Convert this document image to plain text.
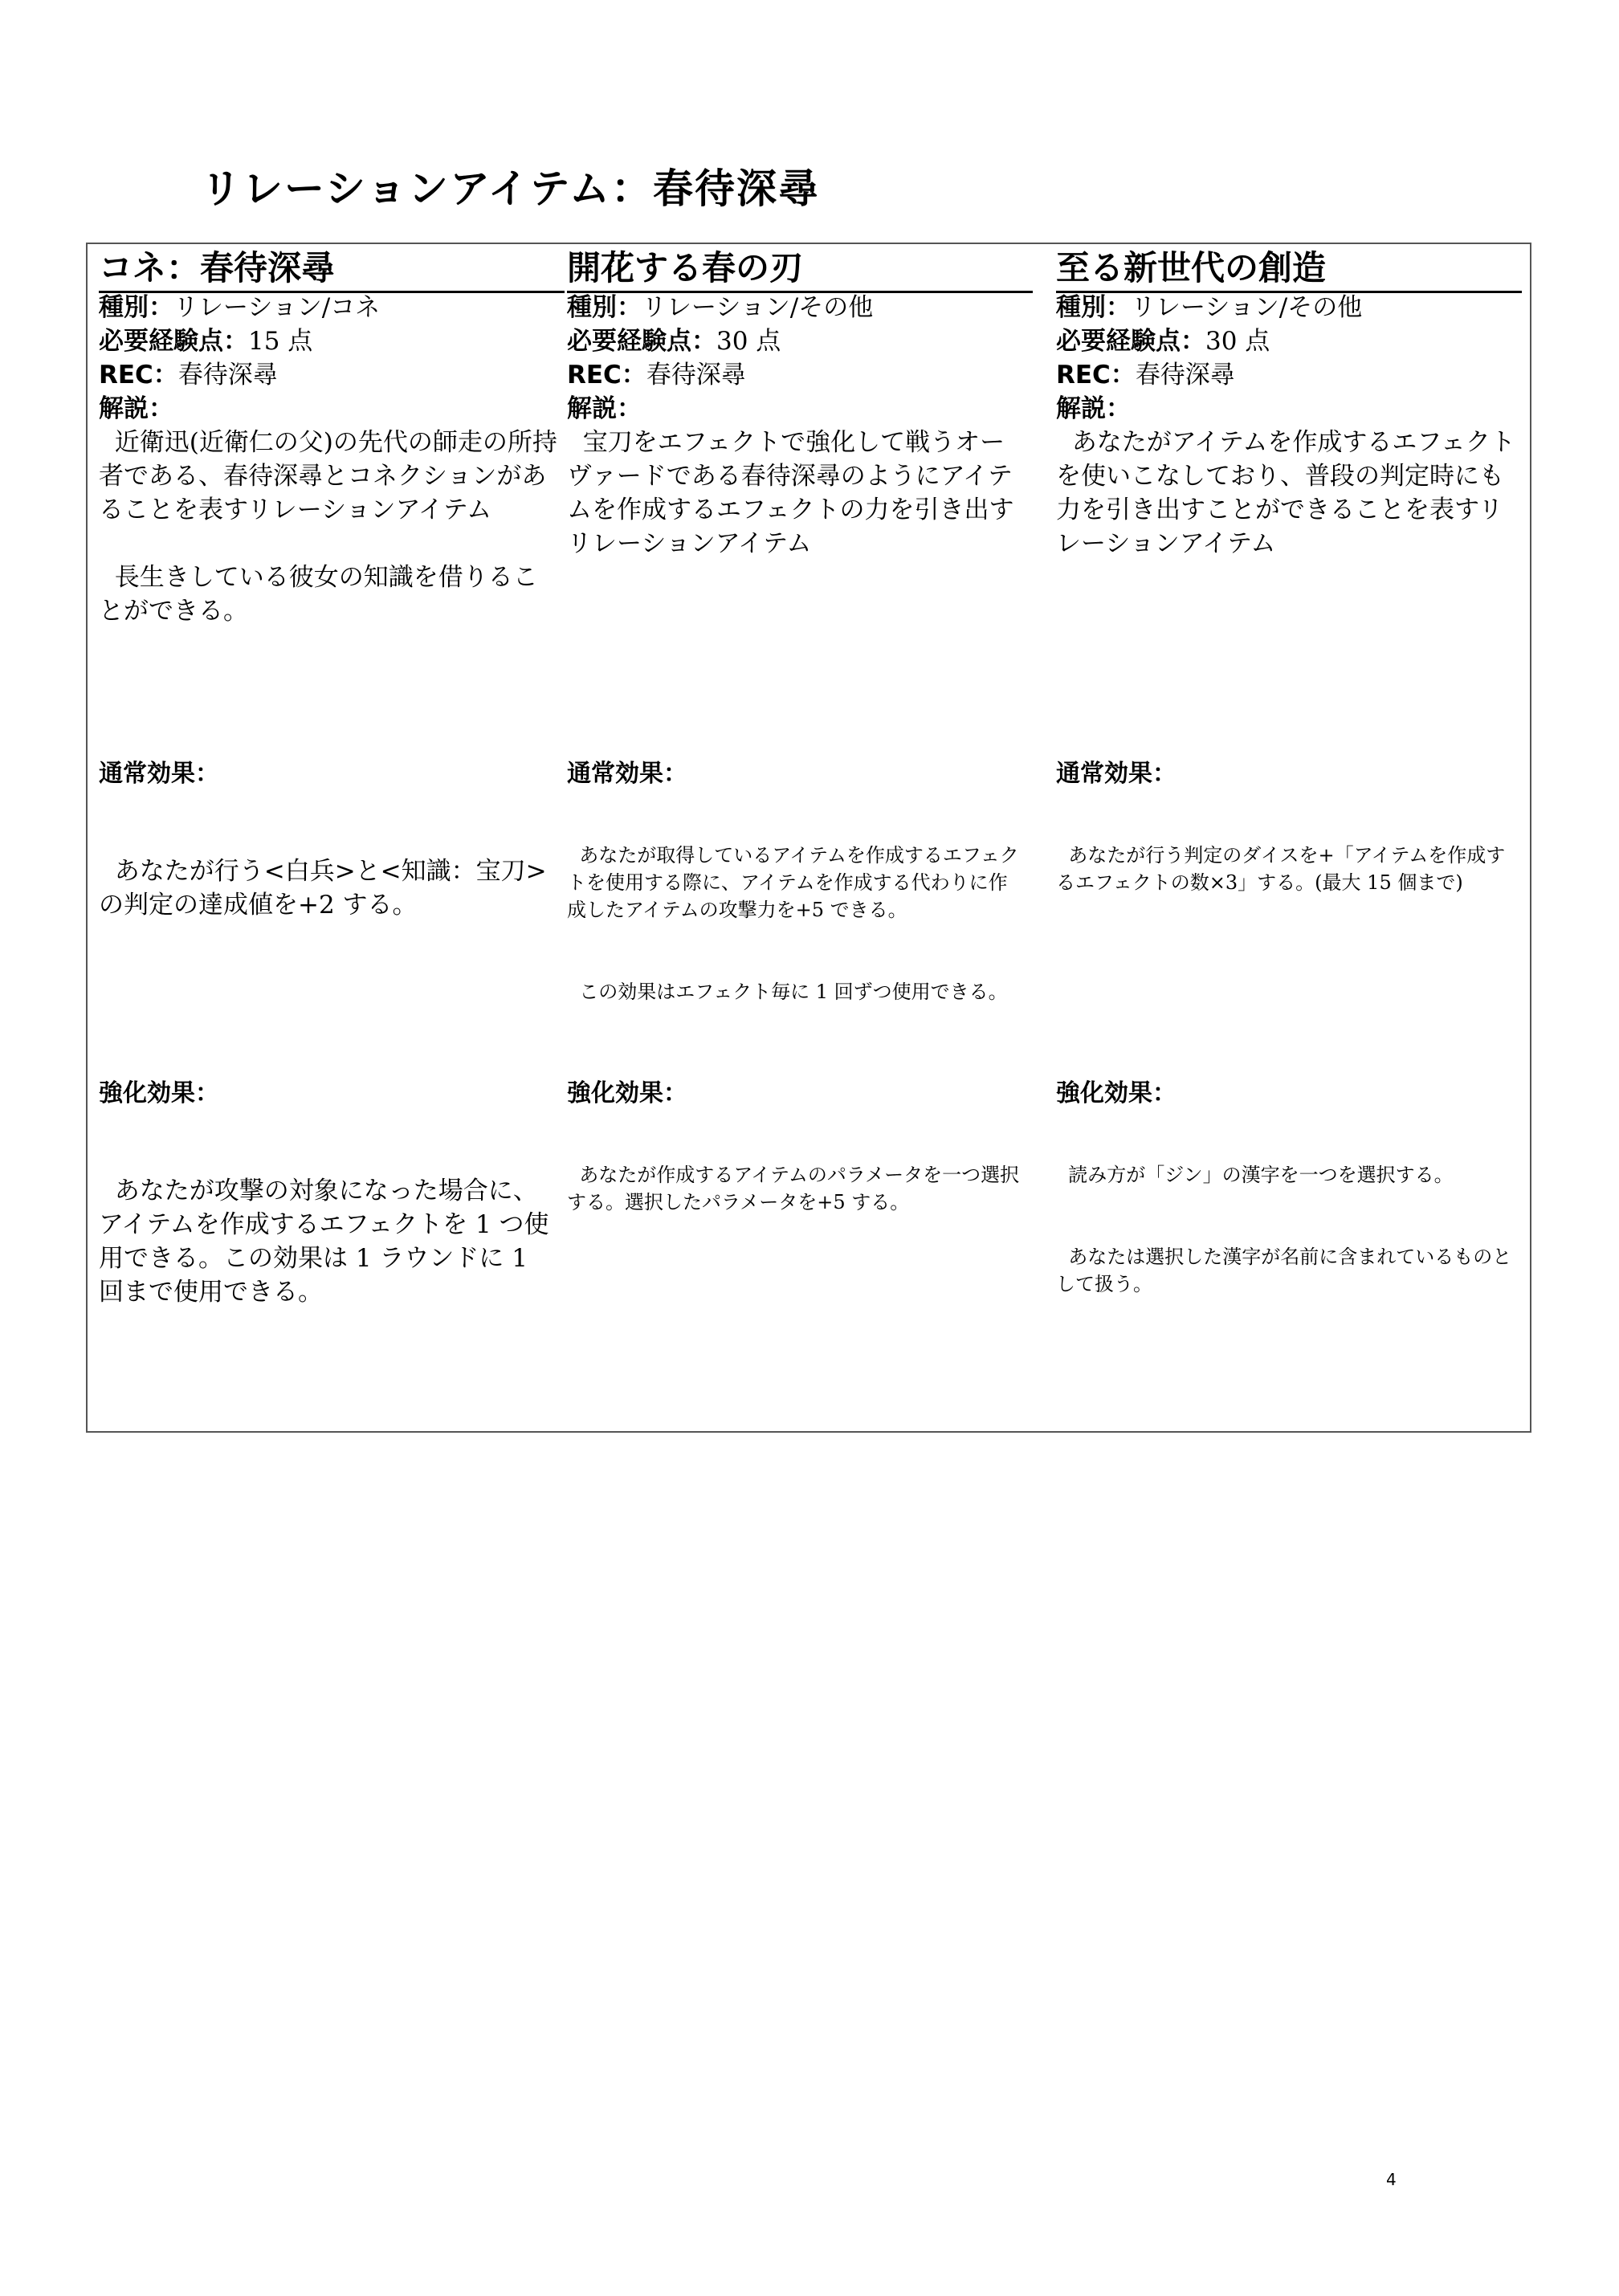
リレーションアイテム：春待深尋
コネ：春待深尋
種別：リレーション/コネ
必要経験点：15 点
REC：春待深尋
解説：

近衛迅(近衛仁の父)の先代の師走の所持者である、春待深尋とコネクションがあることを表すリレーションアイテム

長生きしている彼女の知識を借りることができる。

通常効果：

あなたが行う<白兵>と<知識：宝刀>の判定の達成値を+2 する。

強化効果：

あなたが攻撃の対象になった場合に、アイテムを作成するエフェクトを 1 つ使用できる。この効果は 1 ラウンドに 1 回まで使用できる。

開花する春の刃
種別：リレーション/その他
必要経験点：30 点
REC：春待深尋
解説：

宝刀をエフェクトで強化して戦うオーヴァードである春待深尋のようにアイテムを作成するエフェクトの力を引き出すリレーションアイテム

通常効果：

あなたが取得しているアイテムを作成するエフェクトを使用する際に、アイテムを作成する代わりに作成したアイテムの攻撃力を+5 できる。

この効果はエフェクト毎に 1 回ずつ使用できる。

強化効果：

あなたが作成するアイテムのパラメータを一つ選択する。選択したパラメータを+5 する。

至る新世代の創造
種別：リレーション/その他
必要経験点：30 点
REC：春待深尋
解説：

あなたがアイテムを作成するエフェクトを使いこなしており、普段の判定時にも力を引き出すことができることを表すリレーションアイテム

通常効果：

あなたが行う判定のダイスを+「アイテムを作成するエフェクトの数×3」する。(最大 15 個まで)

強化効果：

読み方が「ジン」の漢字を一つを選択する。

あなたは選択した漢字が名前に含まれているものとして扱う。

4
